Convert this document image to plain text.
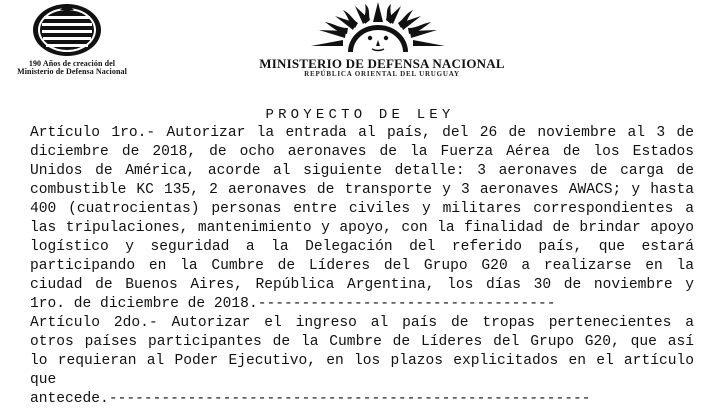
190 Años de creación del
Ministerio de Defensa Nacional
MINISTERIO DE DEFENSA NACIONAL
REPÚBLICA ORIENTAL DEL URUGUAY
PROYECTO DE LEY

Artículo 1ro.- Autorizar la entrada al país, del 26 de noviembre al 3 de diciembre de 2018, de ocho aeronaves de la Fuerza Aérea de los Estados Unidos de América, acorde al siguiente detalle: 3 aeronaves de carga de combustible KC 135, 2 aeronaves de transporte y 3 aeronaves AWACS; y hasta 400 (cuatrocientas) personas entre civiles y militares correspondientes a las tripulaciones, mantenimiento y apoyo, con la finalidad de brindar apoyo logístico y seguridad a la Delegación del referido país, que estará participando en la Cumbre de Líderes del Grupo G20 a realizarse en la ciudad de Buenos Aires, República Argentina, los días 30 de noviembre y
1ro. de diciembre de 2018.----------------------------------

Artículo 2do.- Autorizar el ingreso al país de tropas pertenecientes a otros países participantes de la Cumbre de Líderes del Grupo G20, que así lo requieran al Poder Ejecutivo, en los plazos explicitados en el artículo que
antecede.-------------------------------------------------------
